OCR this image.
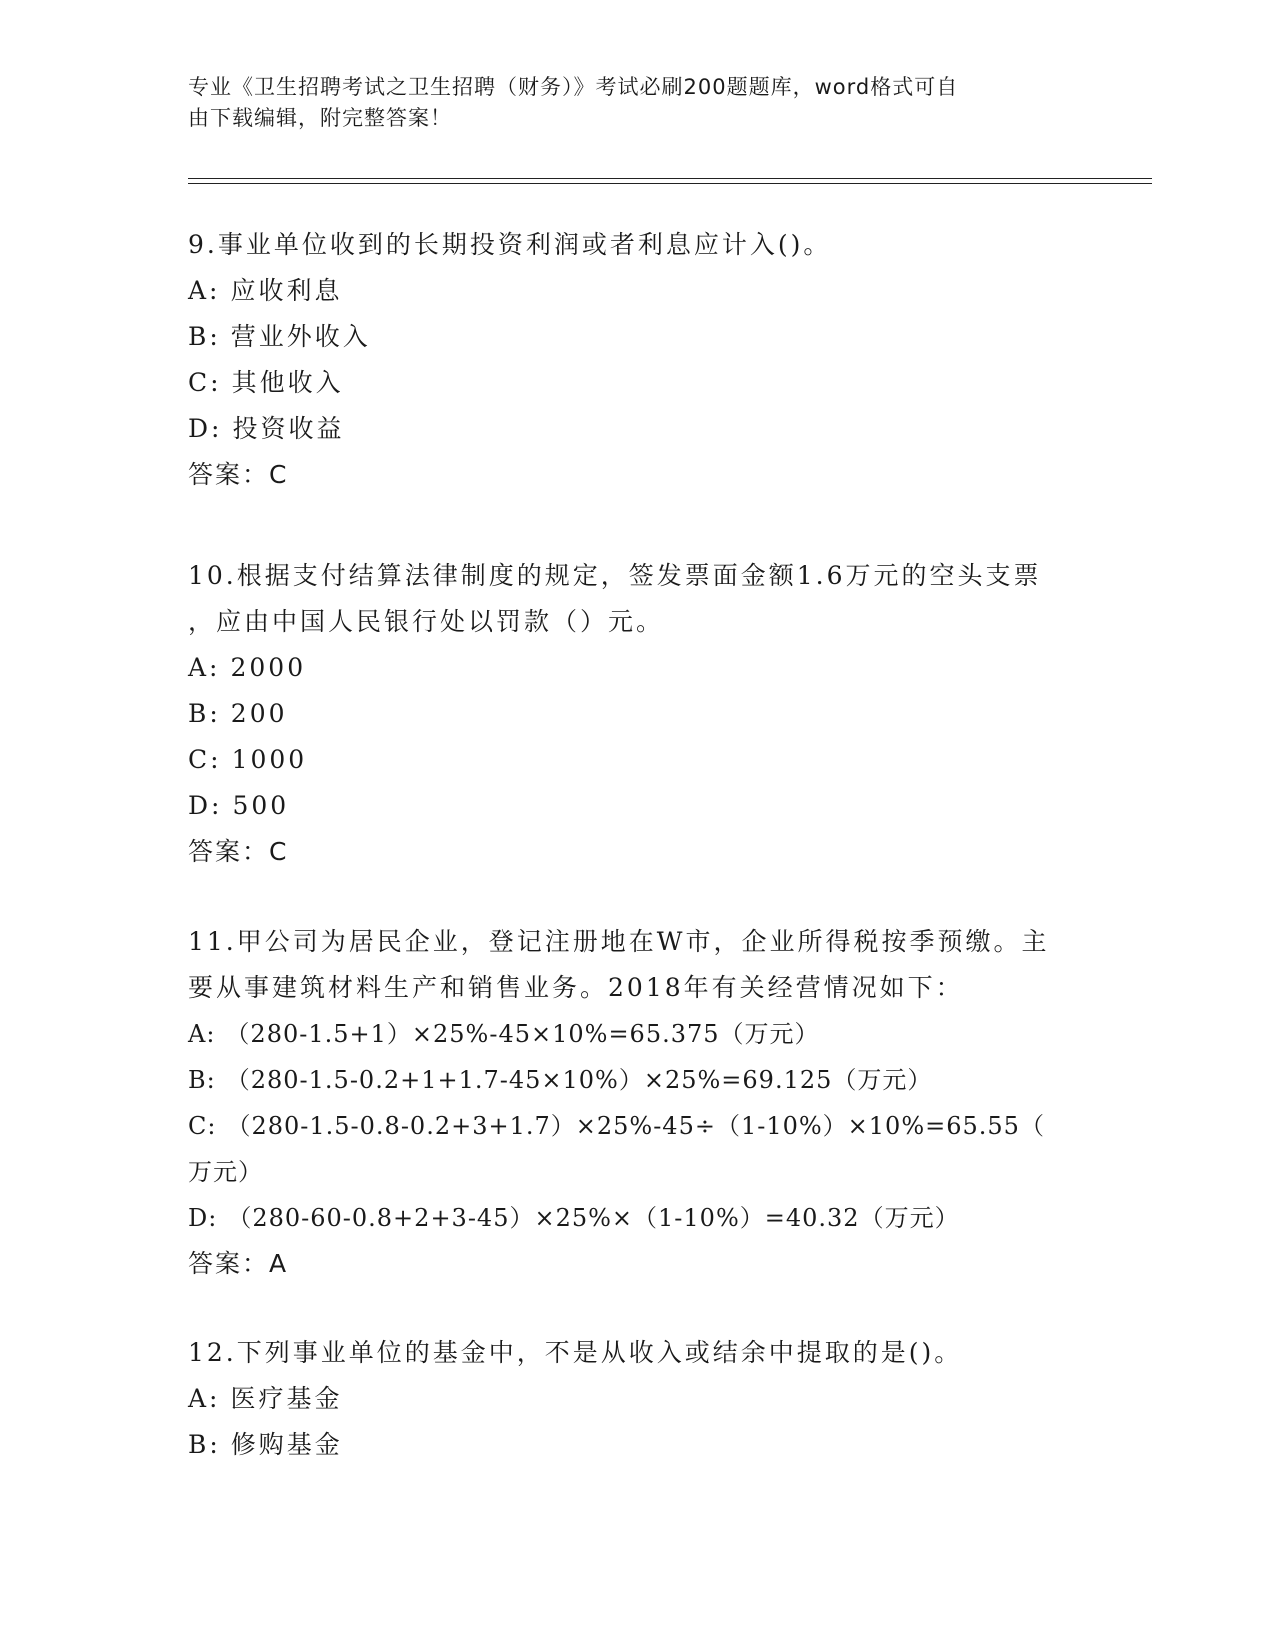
专业《卫生招聘考试之卫生招聘（财务）》考试必刷200题题库，word格式可自
由下载编辑，附完整答案！

9.事业单位收到的长期投资利润或者利息应计入()。

A: 应收利息

B: 营业外收入

C: 其他收入

D: 投资收益

答案：C

10.根据支付结算法律制度的规定，签发票面金额1.6万元的空头支票

，应由中国人民银行处以罚款（）元。

A: 2000

B: 200

C: 1000

D: 500

答案：C

11.甲公司为居民企业，登记注册地在W市，企业所得税按季预缴。主

要从事建筑材料生产和销售业务。2018年有关经营情况如下：

A: （280-1.5+1）×25%-45×10%=65.375（万元）

B: （280-1.5-0.2+1+1.7-45×10%）×25%=69.125（万元）

C: （280-1.5-0.8-0.2+3+1.7）×25%-45÷（1-10%）×10%=65.55（

万元）

D: （280-60-0.8+2+3-45）×25%×（1-10%）=40.32（万元）

答案：A

12.下列事业单位的基金中，不是从收入或结余中提取的是()。

A: 医疗基金

B: 修购基金
